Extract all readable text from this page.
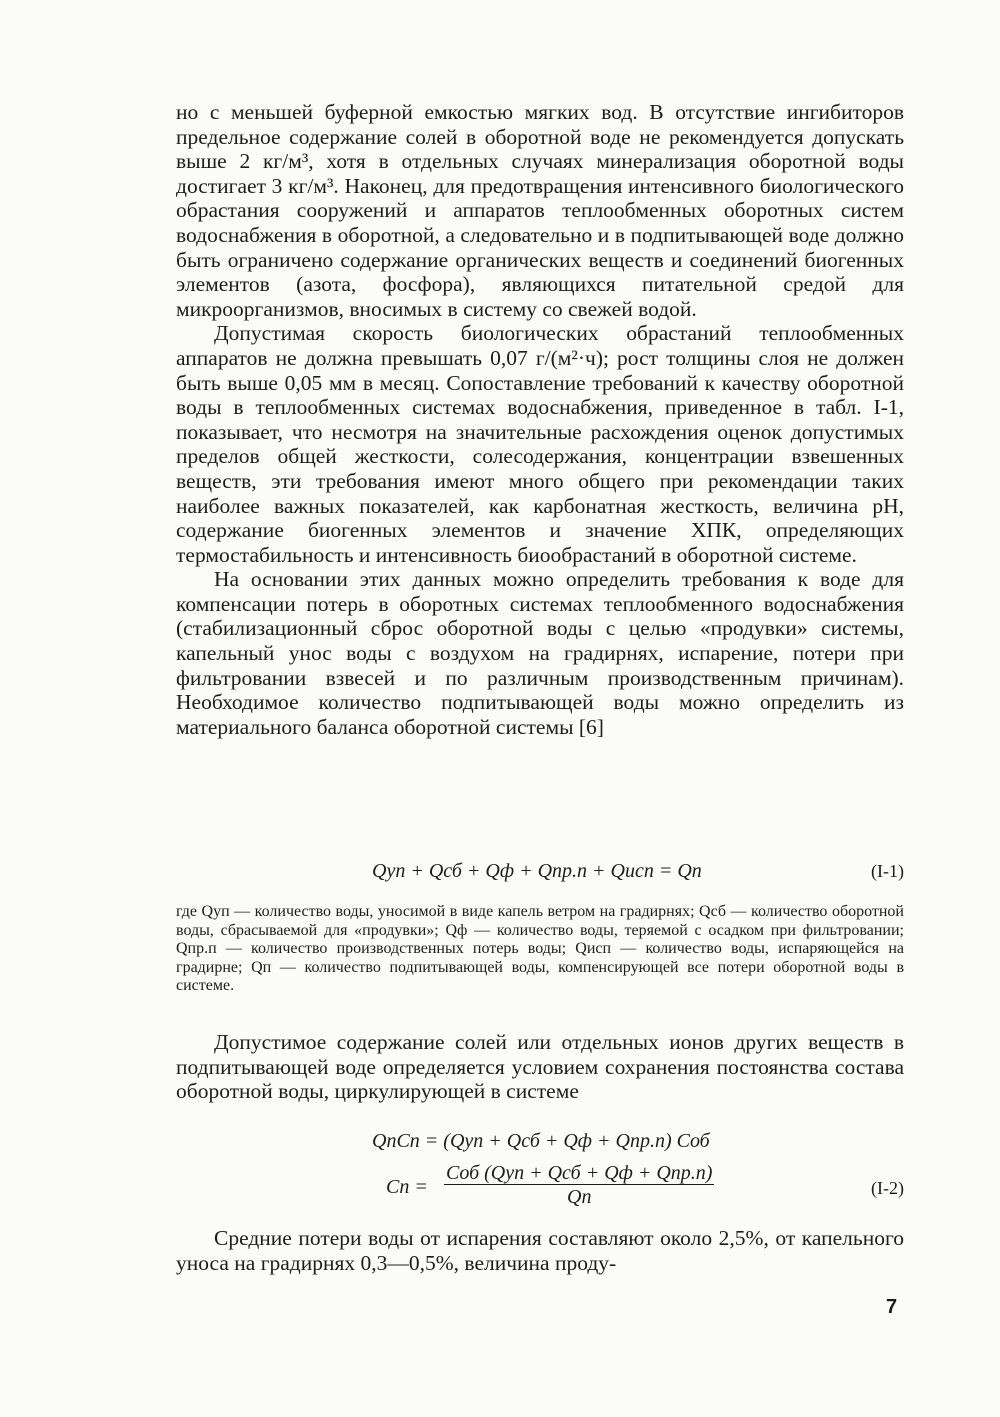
но с меньшей буферной емкостью мягких вод. В отсутствие ингибиторов предельное содержание солей в оборотной воде не рекомендуется допускать выше 2 кг/м³, хотя в отдельных случаях минерализация оборотной воды достигает 3 кг/м³. Наконец, для предотвращения интенсивного биологического обрастания сооружений и аппаратов теплообменных оборотных систем водоснабжения в оборотной, а следовательно и в подпитывающей воде должно быть ограничено содержание органических веществ и соединений биогенных элементов (азота, фосфора), являющихся питательной средой для микроорганизмов, вносимых в систему со свежей водой.

Допустимая скорость биологических обрастаний теплообменных аппаратов не должна превышать 0,07 г/(м²·ч); рост толщины слоя не должен быть выше 0,05 мм в месяц. Сопоставление требований к качеству оборотной воды в теплообменных системах водоснабжения, приведенное в табл. I-1, показывает, что несмотря на значительные расхождения оценок допустимых пределов общей жесткости, солесодержания, концентрации взвешенных веществ, эти требования имеют много общего при рекомендации таких наиболее важных показателей, как карбонатная жесткость, величина pH, содержание биогенных элементов и значение ХПК, определяющих термостабильность и интенсивность биообрастаний в оборотной системе.

На основании этих данных можно определить требования к воде для компенсации потерь в оборотных системах теплообменного водоснабжения (стабилизационный сброс оборотной воды с целью «продувки» системы, капельный унос воды с воздухом на градирнях, испарение, потери при фильтровании взвесей и по различным производственным причинам). Необходимое количество подпитывающей воды можно определить из материального баланса оборотной системы [6]

Qуп + Qсб + Qф + Qпр.п + Qисп = Qп	(I-1)

где Qуп — количество воды, уносимой в виде капель ветром на градирнях; Qсб — количество оборотной воды, сбрасываемой для «продувки»; Qф — количество воды, теряемой с осадком при фильтровании; Qпр.п — количество производственных потерь воды; Qисп — количество воды, испаряющейся на градирне; Qп — количество подпитывающей воды, компенсирующей все потери оборотной воды в системе.

Допустимое содержание солей или отдельных ионов других веществ в подпитывающей воде определяется условием сохранения постоянства состава оборотной воды, циркулирующей в системе

QпCп = (Qуп + Qсб + Qф + Qпр.п) Cоб
Cп =
Cоб (Qуп + Qсб + Qф + Qпр.п)
Qп	(I-2)

Средние потери воды от испарения составляют около 2,5%, от капельного уноса на градирнях 0,3—0,5%, величина проду-

7
